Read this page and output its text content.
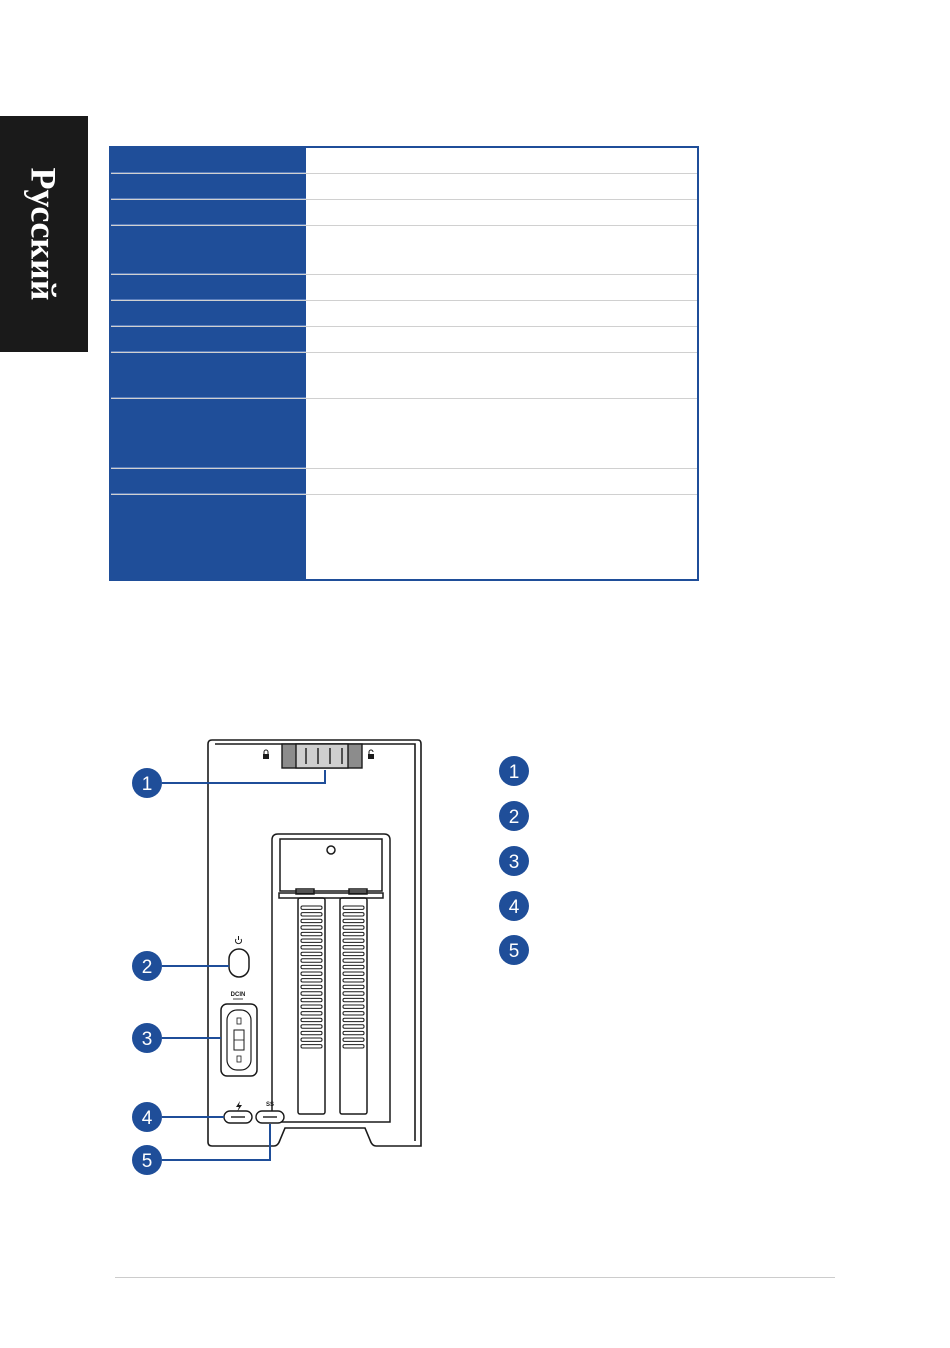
Русский
DCIN
SS
1
2
3
4
5
1
2
3
4
5
